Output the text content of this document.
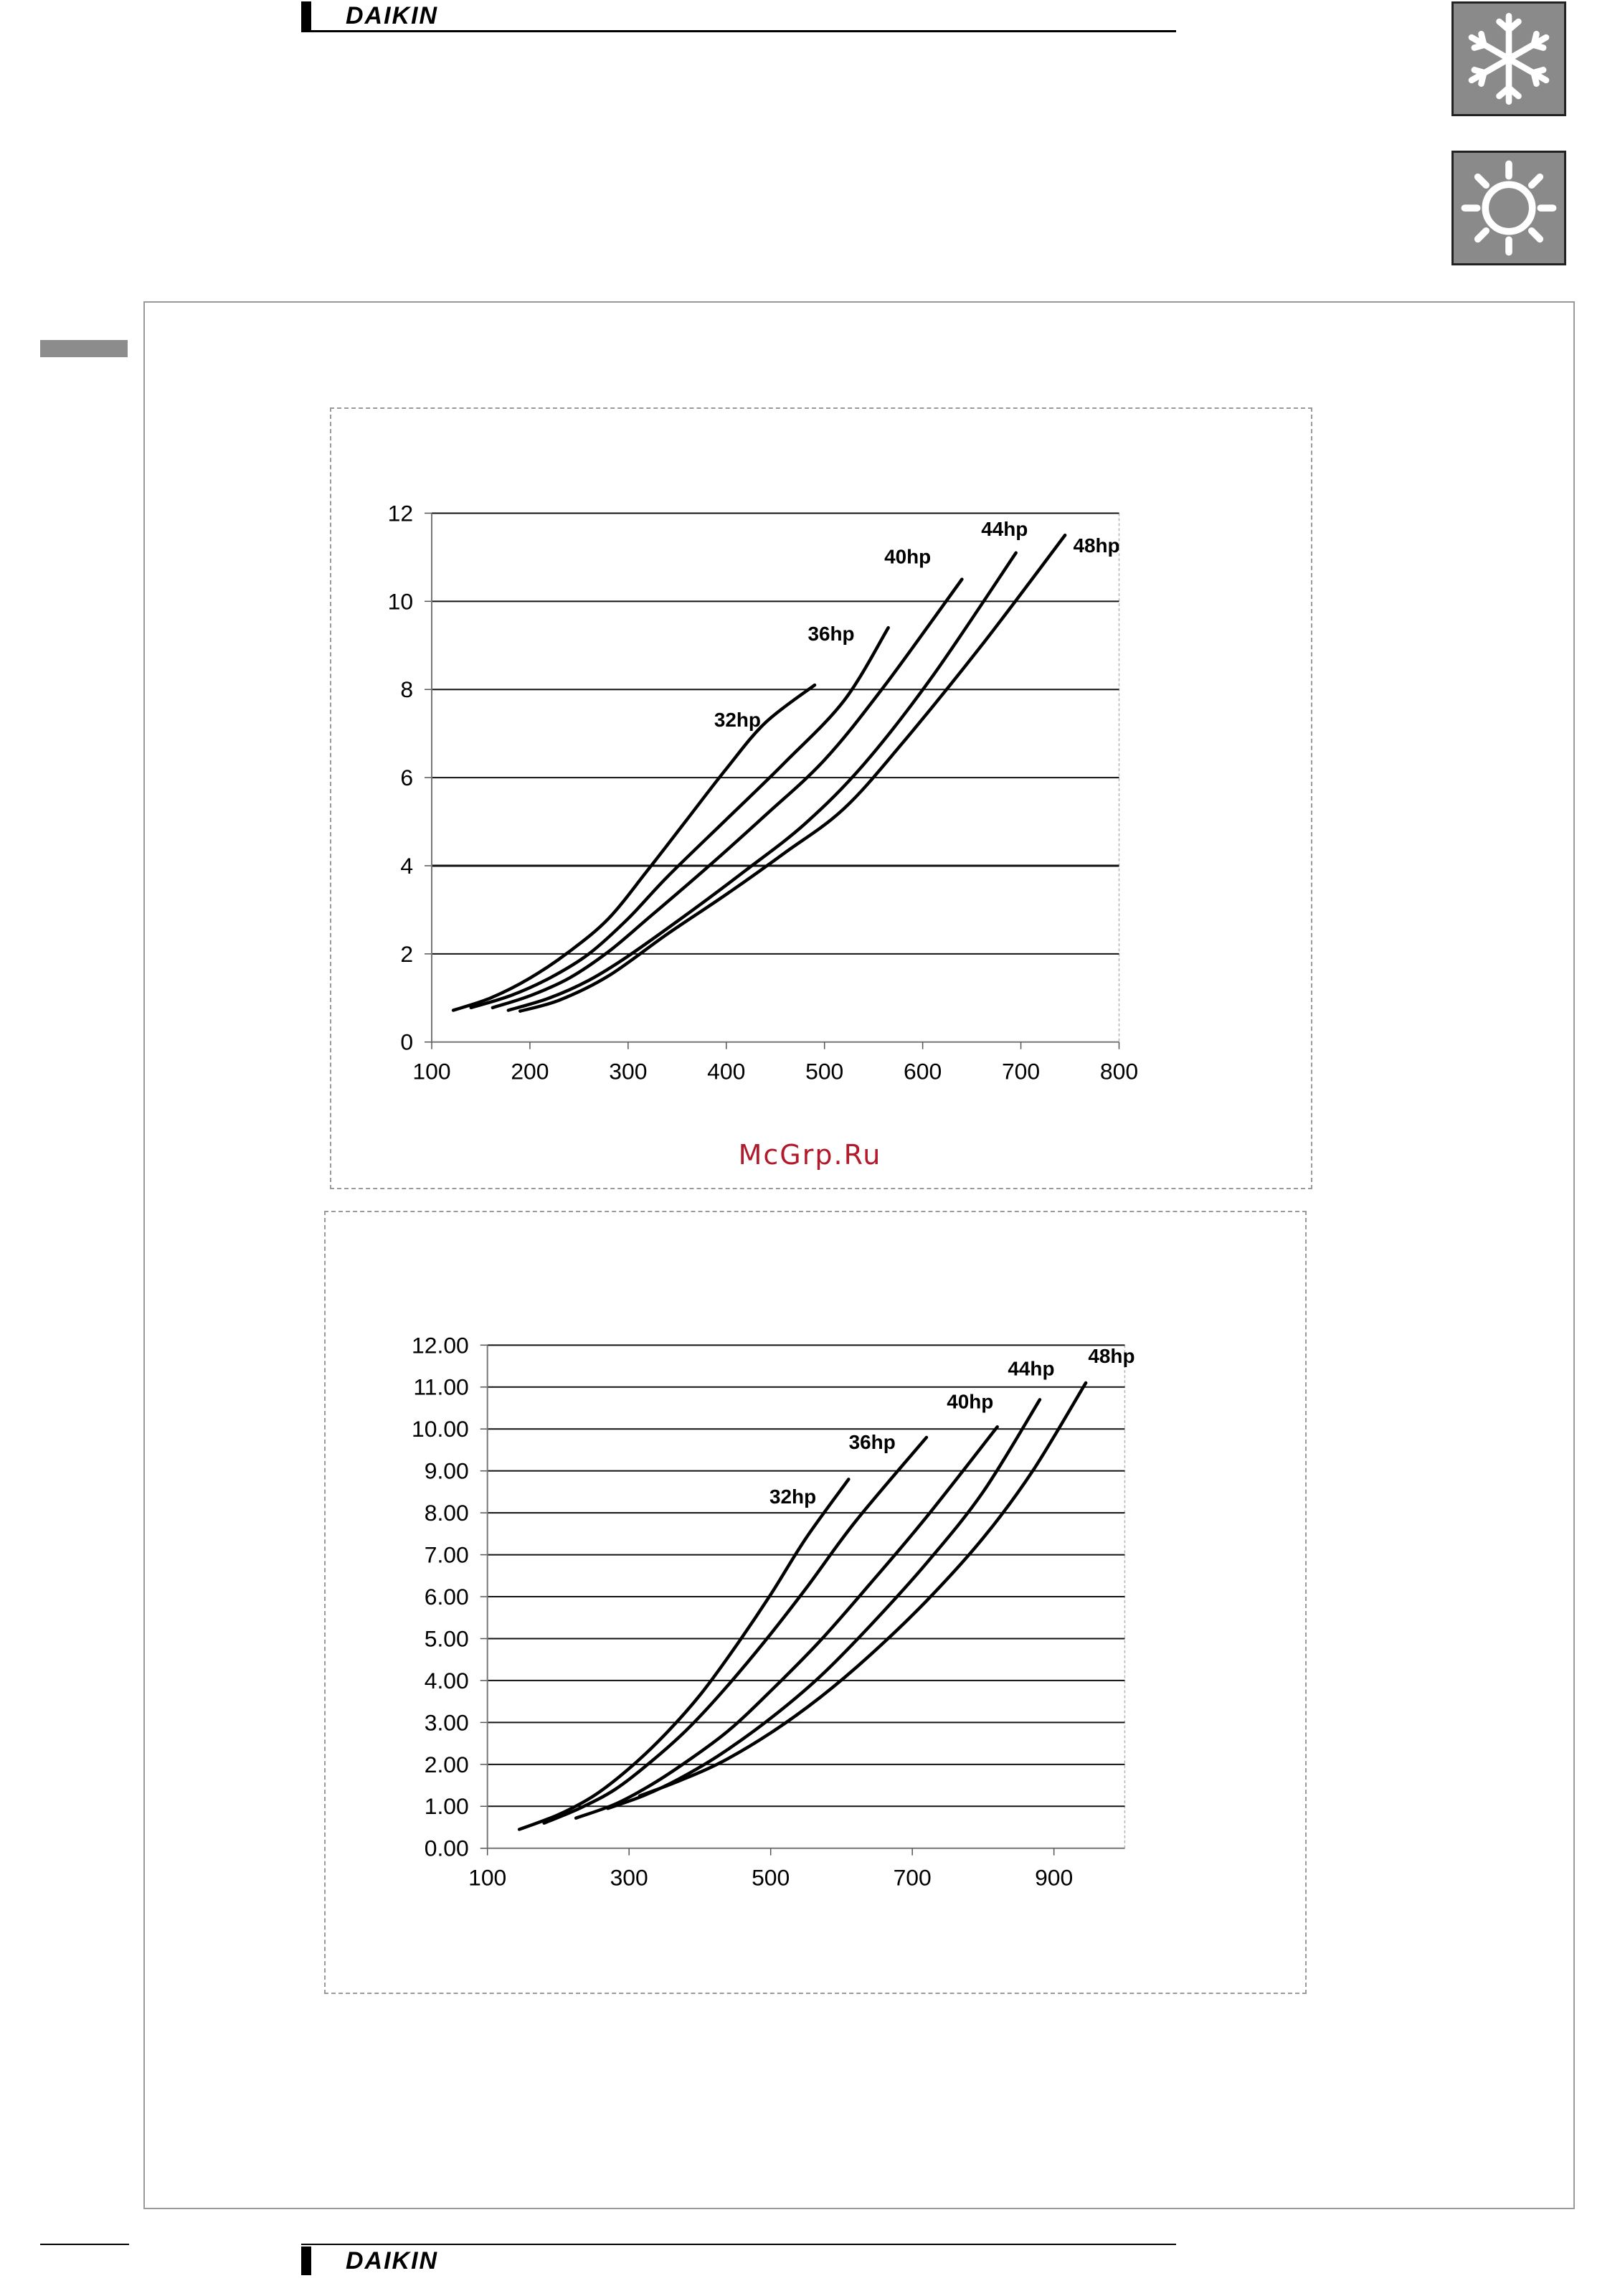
DAIKIN
0
2
4
6
8
10
12
100	200	300	400	500	600	700	800
32hp
36hp
40hp
44hp
48hp
McGrp.Ru
0.00
1.00
2.00
3.00
4.00
5.00
6.00
7.00
8.00
9.00
10.00
11.00
12.00
100	300	500	700	900
32hp
36hp
40hp
44hp
48hp
DAIKIN
